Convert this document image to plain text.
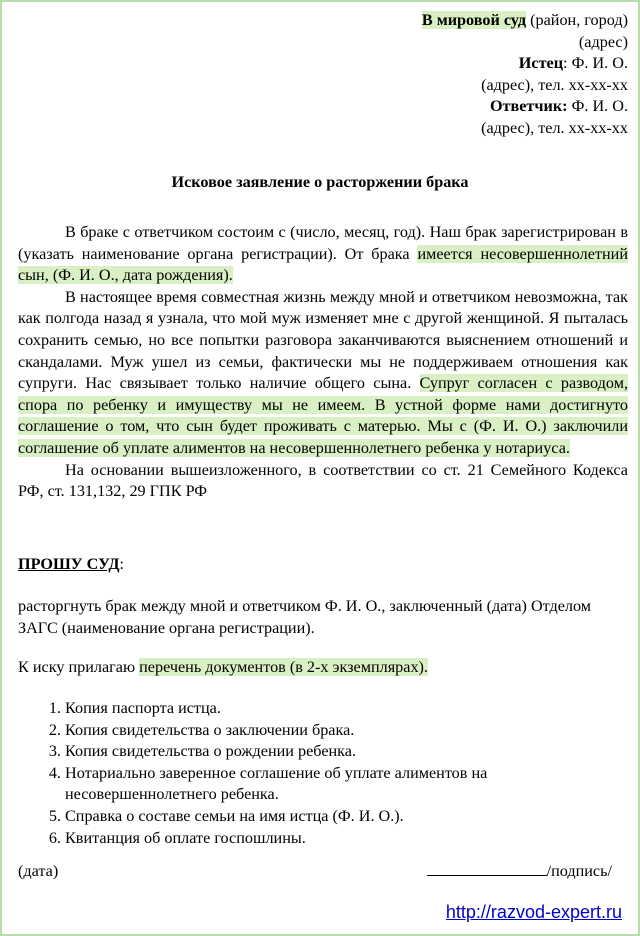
В мировой суд (район, город)
(адрес)
Истец: Ф. И. О.
(адрес), тел. хх-хх-хх
Ответчик: Ф. И. О.
(адрес), тел. хх-хх-хх
Исковое заявление о расторжении брака

В браке с ответчиком состоим с (число, месяц, год). Наш брак зарегистрирован в (указать наименование органа регистрации). От брака имеется несовершеннолетний сын, (Ф. И. О., дата рождения).

В настоящее время совместная жизнь между мной и ответчиком невозможна, так как полгода назад я узнала, что мой муж изменяет мне с другой женщиной. Я пыталась сохранить семью, но все попытки разговора заканчиваются выяснением отношений и скандалами. Муж ушел из семьи, фактически мы не поддерживаем отношения как супруги. Нас связывает только наличие общего сына. Супруг согласен с разводом, спора по ребенку и имуществу мы не имеем. В устной форме нами достигнуто соглашение о том, что сын будет проживать с матерью. Мы с (Ф. И. О.) заключили соглашение об уплате алиментов на несовершеннолетнего ребенка у нотариуса.

На основании вышеизложенного, в соответствии со ст. 21 Семейного Кодекса РФ, ст. 131,132, 29 ГПК РФ

ПРОШУ СУД:
расторгнуть брак между мной и ответчиком Ф. И. О., заключенный (дата) Отделом ЗАГС (наименование органа регистрации).
К иску прилагаю перечень документов (в 2-х экземплярах).
1. Копия паспорта истца.
2. Копия свидетельства о заключении брака.
3. Копия свидетельства о рождении ребенка.
4. Нотариально заверенное соглашение об уплате алиментов на несовершеннолетнего ребенка.
5. Справка о составе семьи на имя истца (Ф. И. О.).
6. Квитанция об оплате госпошлины.
(дата)	/подпись/
http://razvod-expert.ru
